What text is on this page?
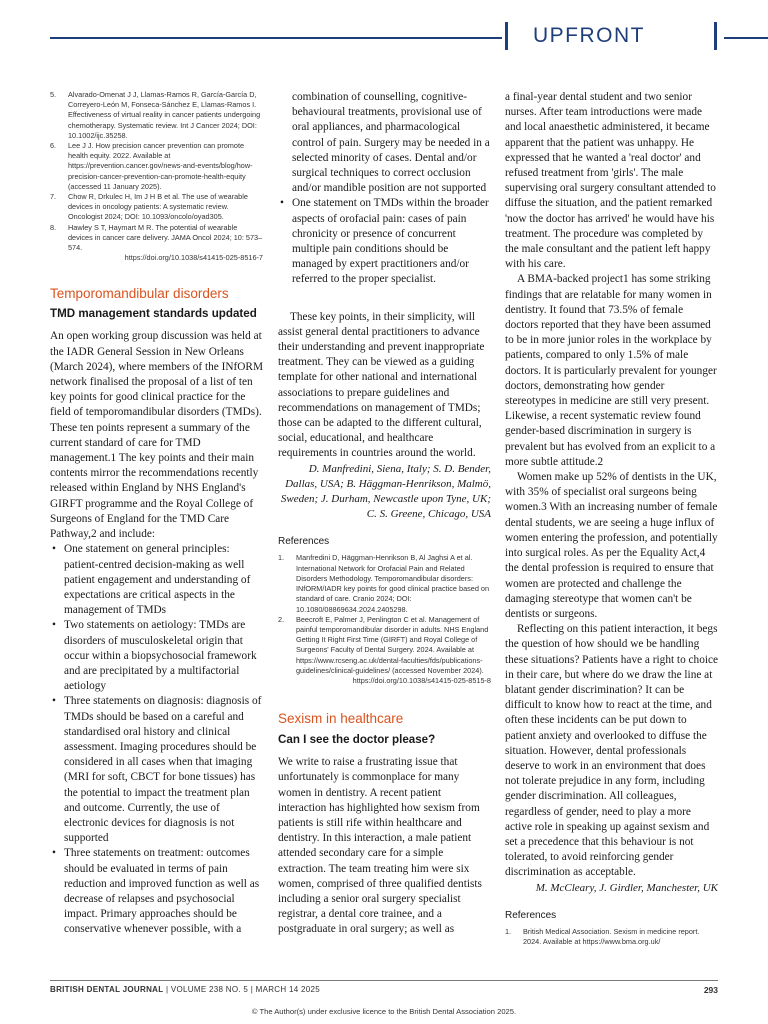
UPFRONT
5. Alvarado-Omenat J J, Llamas-Ramos R, García-García D, Correyero-León M, Fonseca-Sánchez E, Llamas-Ramos I. Effectiveness of virtual reality in cancer patients undergoing chemotherapy. Systematic review. Int J Cancer 2024; DOI: 10.1002/ijc.35258.
6. Lee J J. How precision cancer prevention can promote health equity. 2022. Available at https://prevention.cancer.gov/news-and-events/blog/how-precision-cancer-prevention-can-promote-health-equity (accessed 11 January 2025).
7. Chow R, Drkulec H, Im J H B et al. The use of wearable devices in oncology patients: A systematic review. Oncologist 2024; DOI: 10.1093/oncolo/oyad305.
8. Hawley S T, Haymart M R. The potential of wearable devices in cancer care delivery. JAMA Oncol 2024; 10: 573–574.
https://doi.org/10.1038/s41415-025-8516-7
Temporomandibular disorders
TMD management standards updated

An open working group discussion was held at the IADR General Session in New Orleans (March 2024), where members of the INfORM network finalised the proposal of a list of ten key points for good clinical practice for the field of temporomandibular disorders (TMDs). These ten points represent a summary of the current standard of care for TMD management.1 The key points and their main contents mirror the recommendations recently released within England by NHS England's GIRFT programme and the Royal College of Surgeons of England for the TMD Care Pathway,2 and include:

• One statement on general principles: patient-centred decision-making as well patient engagement and understanding of expectations are critical aspects in the management of TMDs
• Two statements on aetiology: TMDs are disorders of musculoskeletal origin that occur within a biopsychosocial framework and are precipitated by a multifactorial aetiology
• Three statements on diagnosis: diagnosis of TMDs should be based on a careful and standardised oral history and clinical assessment. Imaging procedures should be considered in all cases when that imaging (MRI for soft, CBCT for bone tissues) has the potential to impact the treatment plan and outcome. Currently, the use of electronic devices for diagnosis is not supported
• Three statements on treatment: outcomes should be evaluated in terms of pain reduction and improved function as well as decrease of relapses and psychosocial impact. Primary approaches should be conservative whenever possible, with a
combination of counselling, cognitive-behavioural treatments, provisional use of oral appliances, and pharmacological control of pain. Surgery may be needed in a selected minority of cases. Dental and/or surgical techniques to correct occlusion and/or mandible position are not supported
• One statement on TMDs within the broader aspects of orofacial pain: cases of pain chronicity or presence of concurrent multiple pain conditions should be managed by expert practitioners and/or referred to the proper specialist.

These key points, in their simplicity, will assist general dental practitioners to advance their understanding and prevent inappropriate treatment. They can be viewed as a guiding template for other national and international associations to prepare guidelines and recommendations on management of TMDs; those can be adapted to the different cultural, social, educational, and healthcare requirements in countries around the world.

D. Manfredini, Siena, Italy; S. D. Bender, Dallas, USA; B. Häggman-Henrikson, Malmö, Sweden; J. Durham, Newcastle upon Tyne, UK; C. S. Greene, Chicago, USA
References
1. Manfredini D, Häggman-Henrikson B, Al Jaghsi A et al. International Network for Orofacial Pain and Related Disorders Methodology. Temporomandibular disorders: INfORM/IADR key points for good clinical practice based on standard of care. Cranio 2024; DOI: 10.1080/08869634.2024.2405298.
2. Beecroft E, Palmer J, Penlington C et al. Management of painful temporomandibular disorder in adults. NHS England Getting It Right First Time (GIRFT) and Royal College of Surgeons' Faculty of Dental Surgery. 2024. Available at https://www.rcseng.ac.uk/dental-faculties/fds/publications-guidelines/clinical-guidelines/ (accessed November 2024).
https://doi.org/10.1038/s41415-025-8515-8
Sexism in healthcare
Can I see the doctor please?

We write to raise a frustrating issue that unfortunately is commonplace for many women in dentistry. A recent patient interaction has highlighted how sexism from patients is still rife within healthcare and dentistry. In this interaction, a male patient attended secondary care for a simple extraction. The team treating him were six women, comprised of three qualified dentists including a senior oral surgery specialist registrar, a dental core trainee, and a postgraduate in oral surgery; as well as

a final-year dental student and two senior nurses. After team introductions were made and local anaesthetic administered, it became apparent that the patient was unhappy. He expressed that he wanted a 'real doctor' and refused treatment from 'girls'. The male supervising oral surgery consultant attended to diffuse the situation, and the patient remarked 'now the doctor has arrived' he would have his treatment. The procedure was completed by the male consultant and the patient left happy with his care.

A BMA-backed project1 has some striking findings that are relatable for many women in dentistry. It found that 73.5% of female doctors reported that they have been assumed to be in more junior roles in the workplace by patients, compared to only 1.5% of male doctors. It is particularly prevalent for younger doctors, demonstrating how gender stereotypes in medicine are still very present. Likewise, a recent systematic review found gender-based discrimination in surgery is prevalent but has evolved from an explicit to a more subtle attitude.2

Women make up 52% of dentists in the UK, with 35% of specialist oral surgeons being women.3 With an increasing number of female dental students, we are seeing a huge influx of women entering the profession, and potentially into surgical roles. As per the Equality Act,4 the dental profession is required to ensure that women are protected and challenge the damaging stereotype that women can't be dentists or surgeons.

Reflecting on this patient interaction, it begs the question of how should we be handling these situations? Patients have a right to choice in their care, but where do we draw the line at blatant gender discrimination? It can be difficult to know how to react at the time, and often these incidents can be put down to patient anxiety and overlooked to diffuse the situation. However, dental professionals deserve to work in an environment that does not tolerate prejudice in any form, including gender discrimination. All colleagues, regardless of gender, need to play a more active role in speaking up against sexism and set a precedence that this behaviour is not tolerated, to avoid reinforcing gender discrimination as acceptable.

M. McCleary, J. Girdler, Manchester, UK
References
1. British Medical Association. Sexism in medicine report. 2024. Available at https://www.bma.org.uk/
BRITISH DENTAL JOURNAL | VOLUME 238 NO. 5 | MARCH 14 2025	293
© The Author(s) under exclusive licence to the British Dental Association 2025.
